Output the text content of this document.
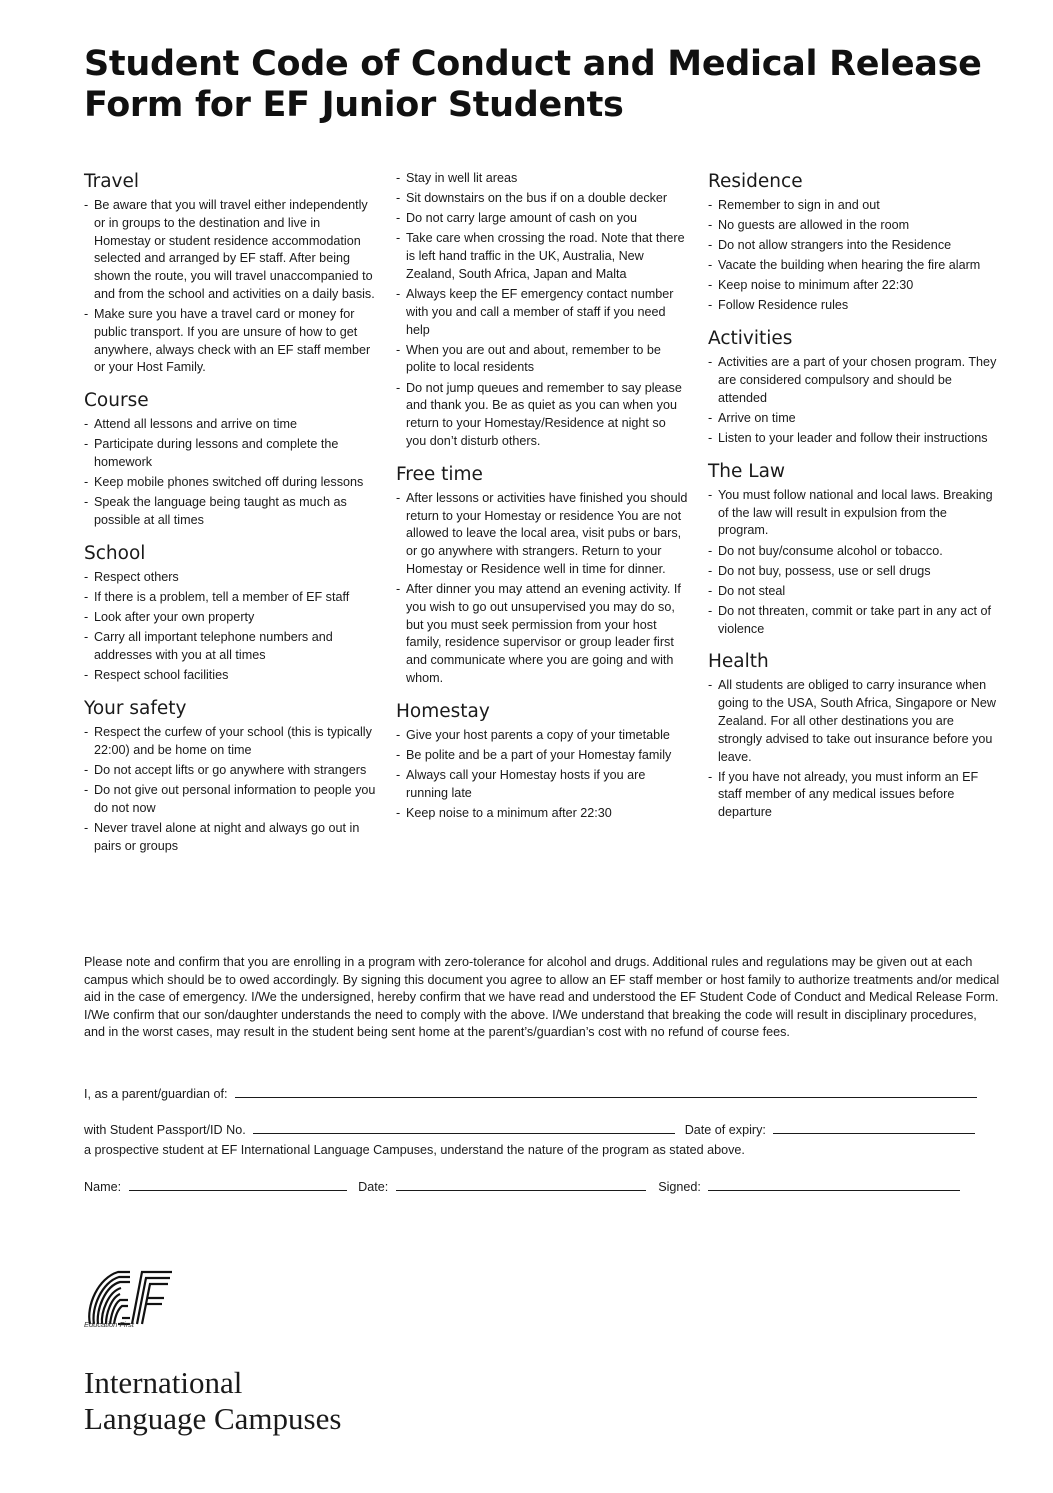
Student Code of Conduct and Medical Release
Form for EF Junior Students
Travel
- Be aware that you will travel either independently or in groups to the destination and live in Homestay or student residence accommodation selected and arranged by EF staff. After being shown the route, you will travel unaccompanied to and from the school and activities on a daily basis.
- Make sure you have a travel card or money for public transport. If you are unsure of how to get anywhere, always check with an EF staff member or your Host Family.
Course
- Attend all lessons and arrive on time
- Participate during lessons and complete the homework
- Keep mobile phones switched off during lessons
- Speak the language being taught as much as possible at all times
School
- Respect others
- If there is a problem, tell a member of EF staff
- Look after your own property
- Carry all important telephone numbers and addresses with you at all times
- Respect school facilities
Your safety
- Respect the curfew of your school (this is typically 22:00) and be home on time
- Do not accept lifts or go anywhere with strangers
- Do not give out personal information to people you do not now
- Never travel alone at night and always go out in pairs or groups
- Stay in well lit areas
- Sit downstairs on the bus if on a double decker
- Do not carry large amount of cash on you
- Take care when crossing the road. Note that there is left hand traffic in the UK, Australia, New Zealand, South Africa, Japan and Malta
- Always keep the EF emergency contact number with you and call a member of staff if you need help
- When you are out and about, remember to be polite to local residents
- Do not jump queues and remember to say please and thank you. Be as quiet as you can when you return to your Homestay/Residence at night so you don’t disturb others.
Free time
- After lessons or activities have finished you should return to your Homestay or residence You are not allowed to leave the local area, visit pubs or bars, or go anywhere with strangers. Return to your Homestay or Residence well in time for dinner.
- After dinner you may attend an evening activity. If you wish to go out unsupervised you may do so, but you must seek permission from your host family, residence supervisor or group leader first and communicate where you are going and with whom.
Homestay
- Give your host parents a copy of your timetable
- Be polite and be a part of your Homestay family
- Always call your Homestay hosts if you are running late
- Keep noise to a minimum after 22:30
Residence
- Remember to sign in and out
- No guests are allowed in the room
- Do not allow strangers into the Residence
- Vacate the building when hearing the fire alarm
- Keep noise to minimum after 22:30
- Follow Residence rules
Activities
- Activities are a part of your chosen program. They are considered compulsory and should be attended
- Arrive on time
- Listen to your leader and follow their instructions
The Law
- You must follow national and local laws. Breaking of the law will result in expulsion from the program.
- Do not buy/consume alcohol or tobacco.
- Do not buy, possess, use or sell drugs
- Do not steal
- Do not threaten, commit or take part in any act of violence
Health
- All students are obliged to carry insurance when going to the USA, South Africa, Singapore or New Zealand. For all other destinations you are strongly advised to take out insurance before you leave.
- If you have not already, you must inform an EF staff member of any medical issues before departure

Please note and confirm that you are enrolling in a program with zero-tolerance for alcohol and drugs. Additional rules and regulations may be given out at each campus which should be to owed accordingly. By signing this document you agree to allow an EF staff member or host family to authorize treatments and/or medical aid in the case of emergency. I/We the undersigned, hereby confirm that we have read and understood the EF Student Code of Conduct and Medical Release Form. I/We confirm that our son/daughter understands the need to comply with the above. I/We understand that breaking the code will result in disciplinary procedures, and in the worst cases, may result in the student being sent home at the parent’s/guardian’s cost with no refund of course fees.

I, as a parent/guardian of:
with Student Passport/ID No.	Date of expiry:
a prospective student at EF International Language Campuses, understand the nature of the program as stated above.
Name:	Date:	Signed:
Education First
International
Language Campuses
